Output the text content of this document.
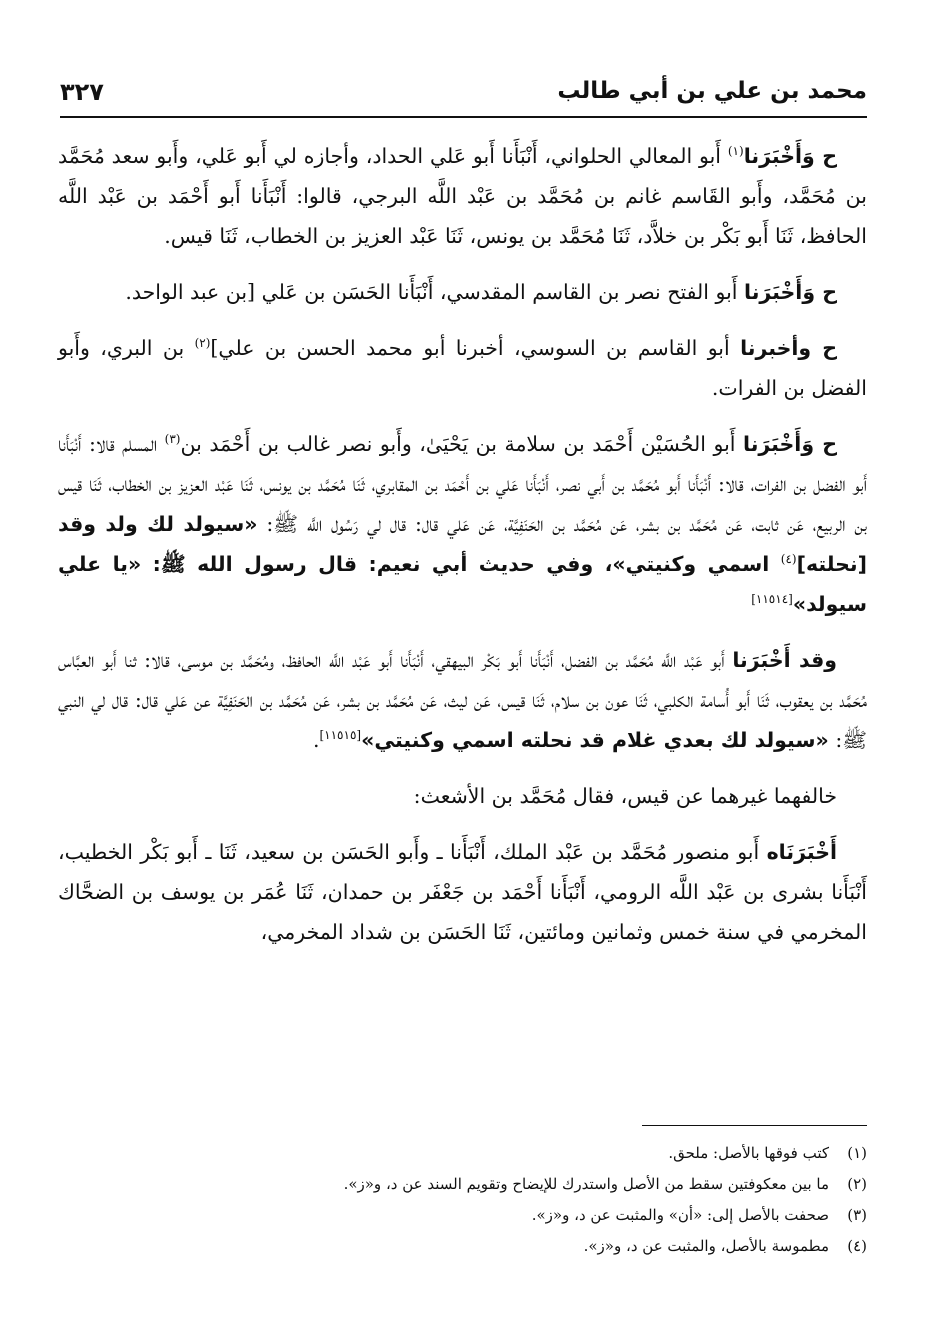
محمد بن علي بن أبي طالب
٣٢٧

ح وَأَخْبَرَنا$^{(١)}$ أَبو المعالي الحلواني، أَنْبَأَنا أَبو عَلي الحداد، وأجازه لي أَبو عَلي، وأَبو سعد مُحَمَّد بن مُحَمَّد، وأَبو القَاسم غانم بن مُحَمَّد بن عَبْد اللَّه البرجي، قالوا: أَنْبَأَنا أَبو أَحْمَد بن عَبْد اللَّه الحافظ، ثَنَا أَبو بَكْر بن خلاَّد، ثَنَا مُحَمَّد بن يونس، ثَنَا عَبْد العزيز بن الخطاب، ثَنَا قيس.

ح وَأَخْبَرَنا أَبو الفتح نصر بن القاسم المقدسي، أَنْبَأَنا الحَسَن بن عَلي [بن عبد الواحد.

ح وأخبرنا أبو القاسم بن السوسي، أخبرنا أبو محمد الحسن بن علي]$^{(٢)}$ بن البري، وأَبو الفضل بن الفرات.

ح وَأَخْبَرَنا أَبو الحُسَيْن أَحْمَد بن سلامة بن يَحْيَىٰ، وأَبو نصر غالب بن أَحْمَد بن$^{(٣)}$ المسلم قالا: أَنْبَأَنا أَبو الفضل بن الفرات، قالا: أَنْبَأَنا أَبو مُحَمَّد بن أَبي نصر، أَنْبَأَنا عَلي بن أَحْمَد بن المقابري، ثَنَا مُحَمَّد بن يونس، ثَنَا عَبْد العزيز بن الخطاب، ثَنَا قيس بن الربيع، عَن ثابت، عَن مُحَمَّد بن بشر، عَن مُحَمَّد بن الحَنَفِيَّة، عَن عَلي قال: قال لي رَسُول اللَّه ﷺ: «سيولد لك ولد وقد [نحلته]$^{(٤)}$ اسمي وكنيتي»، وفي حديث أبي نعيم: قال رسول الله ﷺ: «يا علي سيولد»[١١٥١٤]

وقد أَخْبَرَنا أَبو عَبْد اللَّه مُحَمَّد بن الفضل، أَنْبَأَنا أَبو بَكْر البيهقي، أَنْبَأَنا أَبو عَبْد اللَّه الحافظ، ومُحَمَّد بن موسى، قالا: ثنا أَبو العبَّاس مُحَمَّد بن يعقوب، ثَنَا أَبو أُسامة الكلبي، ثَنَا عون بن سلام، ثَنَا قيس، عَن ليث، عَن مُحَمَّد بن بشر، عَن مُحَمَّد بن الحَنَفِيَّة عن عَلي قال: قال لي النبي ﷺ: «سيولد لك بعدي غلام قد نحلته اسمي وكنيتي»[١١٥١٥].

خالفهما غيرهما عن قيس، فقال مُحَمَّد بن الأشعث:

أَخْبَرَنَاه أَبو منصور مُحَمَّد بن عَبْد الملك، أَنْبَأَنا ـ وأَبو الحَسَن بن سعيد، ثَنَا ـ أَبو بَكْر الخطيب، أَنْبَأَنا بشرى بن عَبْد اللَّه الرومي، أَنْبَأَنا أَحْمَد بن جَعْفَر بن حمدان، ثَنَا عُمَر بن يوسف بن الضحَّاك المخرمي في سنة خمس وثمانين ومائتين، ثَنَا الحَسَن بن شداد المخرمي،

(١)
كتب فوقها بالأصل: ملحق.
(٢)
ما بين معكوفتين سقط من الأصل واستدرك للإيضاح وتقويم السند عن د، و«ز».
(٣)
صحفت بالأصل إلى: «أن» والمثبت عن د، و«ز».
(٤)
مطموسة بالأصل، والمثبت عن د، و«ز».
